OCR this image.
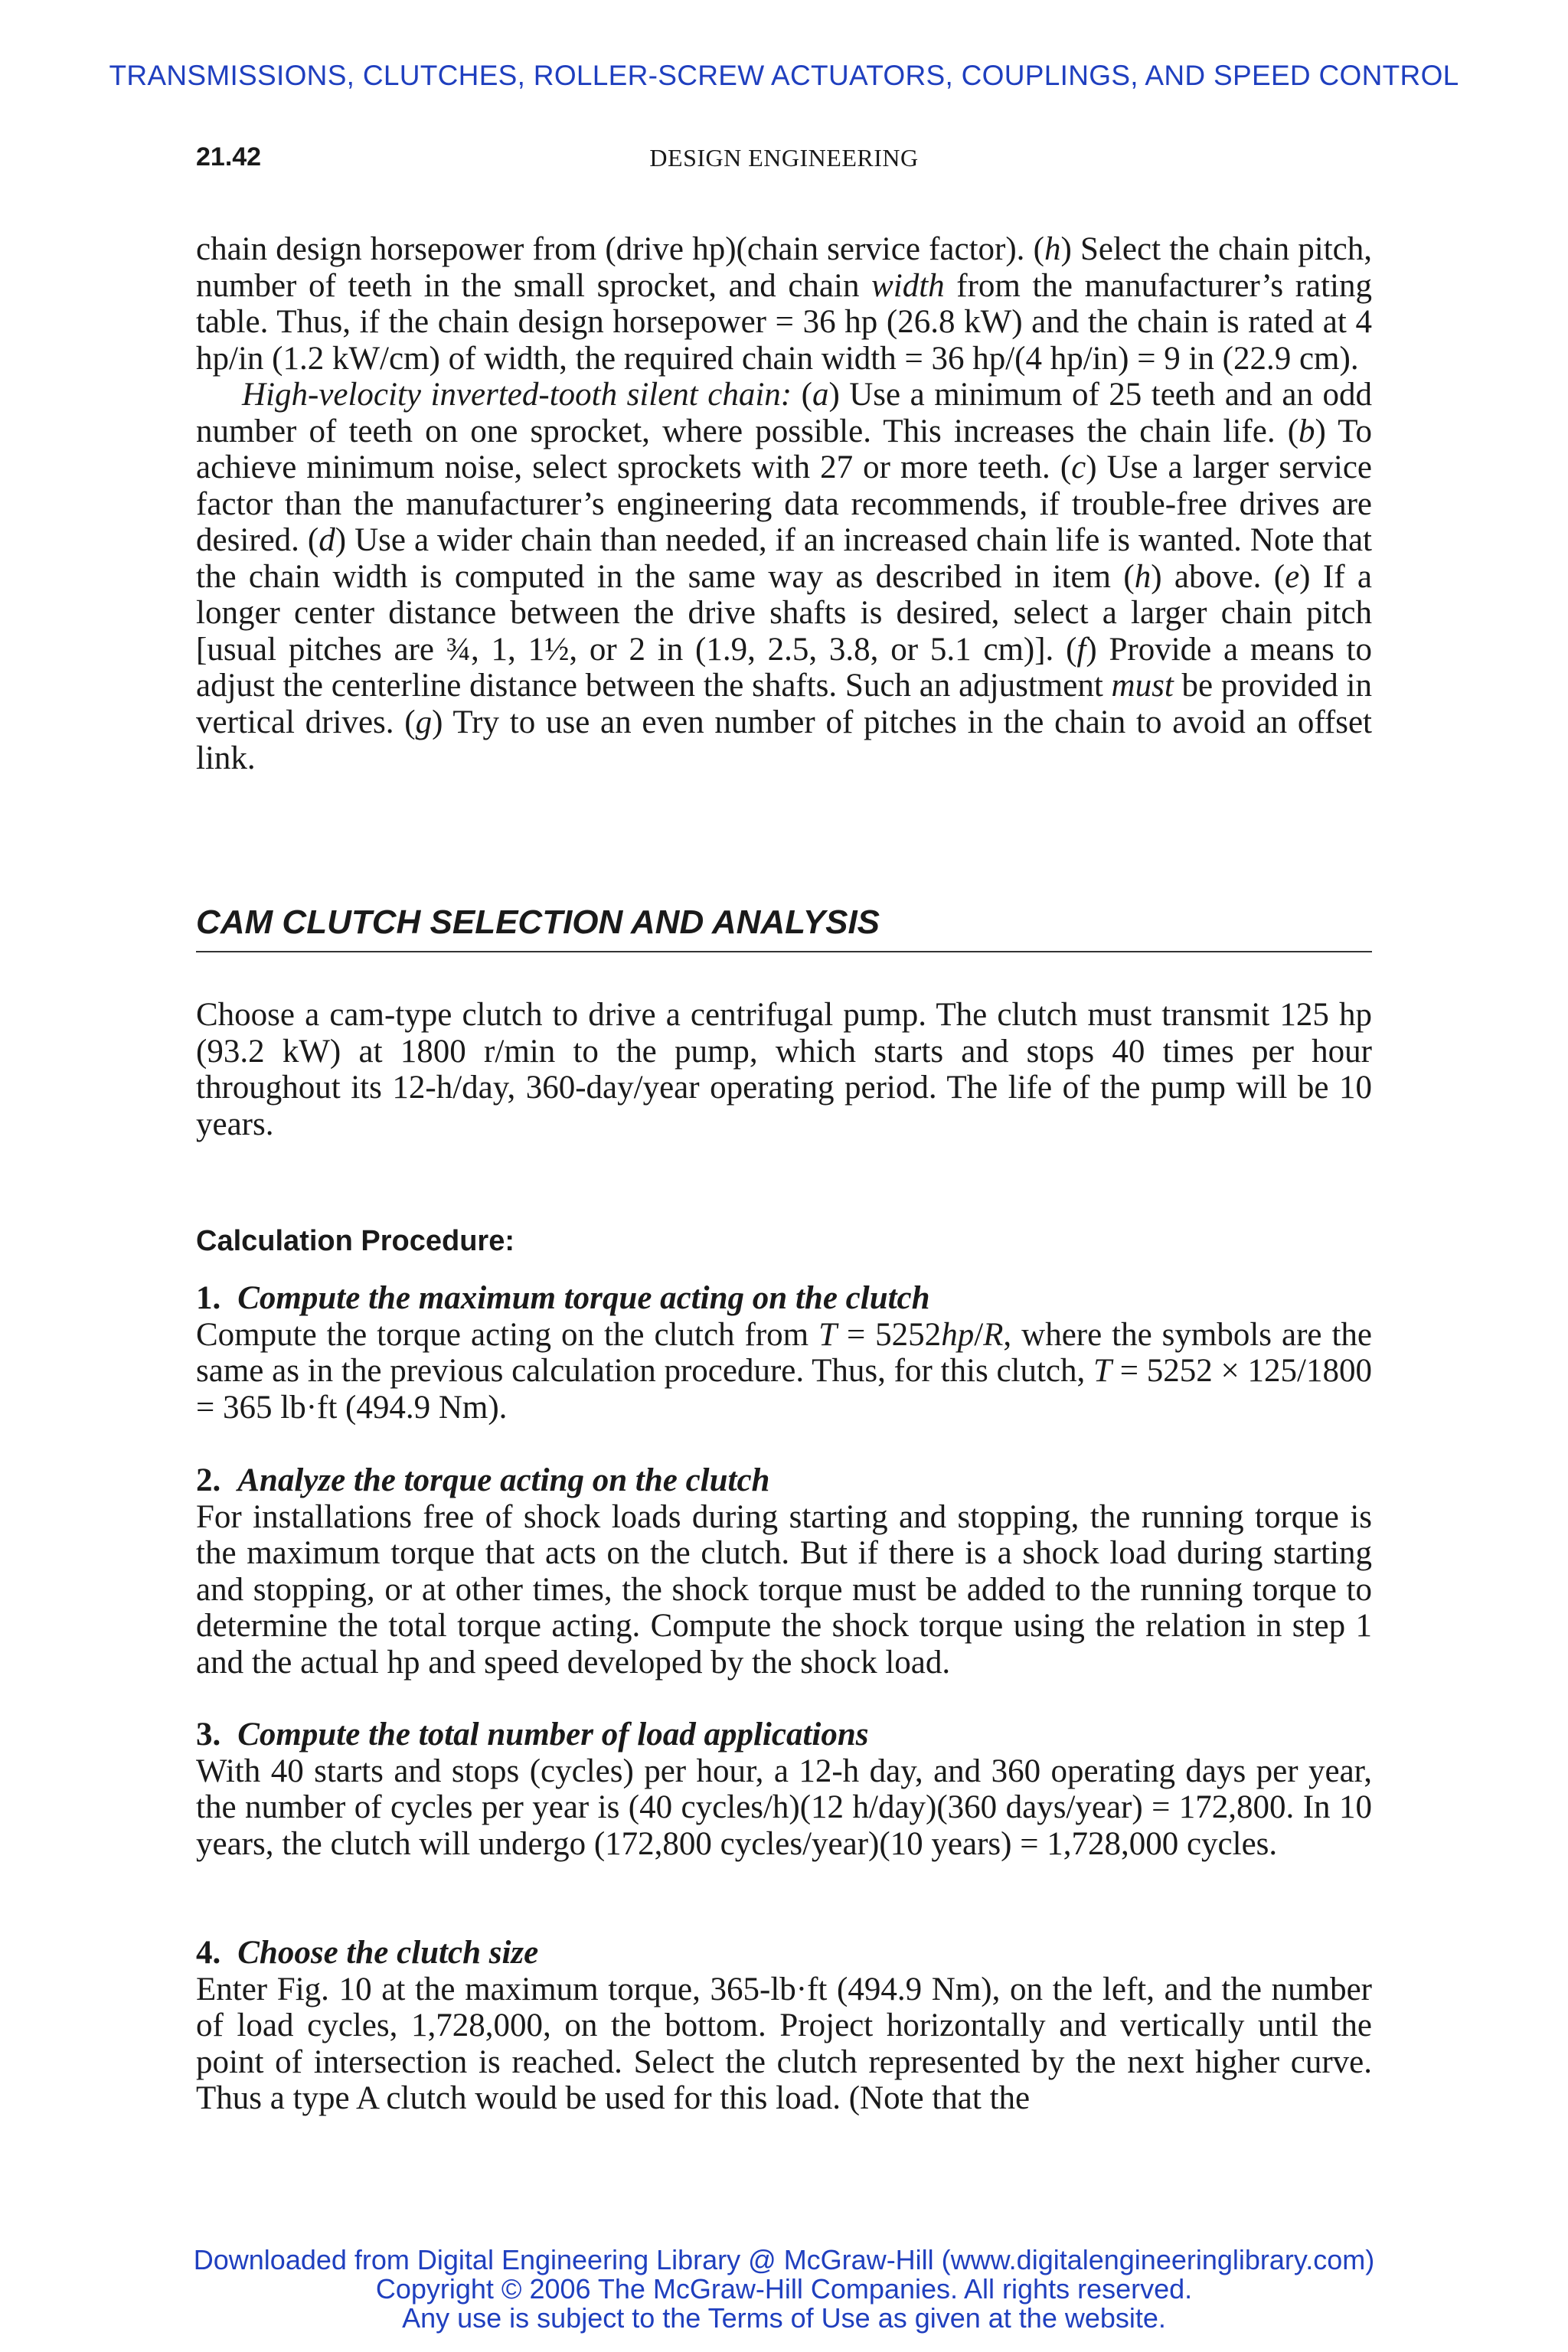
TRANSMISSIONS, CLUTCHES, ROLLER-SCREW ACTUATORS, COUPLINGS, AND SPEED CONTROL
21.42	DESIGN ENGINEERING

chain design horsepower from (drive hp)(chain service factor). (h) Select the chain pitch, number of teeth in the small sprocket, and chain width from the manufacturer’s rating table. Thus, if the chain design horsepower = 36 hp (26.8 kW) and the chain is rated at 4 hp/in (1.2 kW/cm) of width, the required chain width = 36 hp/(4 hp/in) = 9 in (22.9 cm).

High-velocity inverted-tooth silent chain: (a) Use a minimum of 25 teeth and an odd number of teeth on one sprocket, where possible. This increases the chain life. (b) To achieve minimum noise, select sprockets with 27 or more teeth. (c) Use a larger service factor than the manufacturer’s engineering data recommends, if trouble-free drives are desired. (d) Use a wider chain than needed, if an increased chain life is wanted. Note that the chain width is computed in the same way as described in item (h) above. (e) If a longer center distance between the drive shafts is desired, select a larger chain pitch [usual pitches are ¾, 1, 1½, or 2 in (1.9, 2.5, 3.8, or 5.1 cm)]. (f) Provide a means to adjust the centerline distance between the shafts. Such an adjustment must be provided in vertical drives. (g) Try to use an even number of pitches in the chain to avoid an offset link.

CAM CLUTCH SELECTION AND ANALYSIS

Choose a cam-type clutch to drive a centrifugal pump. The clutch must transmit 125 hp (93.2 kW) at 1800 r/min to the pump, which starts and stops 40 times per hour throughout its 12-h/day, 360-day/year operating period. The life of the pump will be 10 years.

Calculation Procedure:
1. Compute the maximum torque acting on the clutch
Compute the torque acting on the clutch from T = 5252hp/R, where the symbols are the same as in the previous calculation procedure. Thus, for this clutch, T = 5252 × 125/1800 = 365 lb·ft (494.9 Nm).
2. Analyze the torque acting on the clutch
For installations free of shock loads during starting and stopping, the running torque is the maximum torque that acts on the clutch. But if there is a shock load during starting and stopping, or at other times, the shock torque must be added to the running torque to determine the total torque acting. Compute the shock torque using the relation in step 1 and the actual hp and speed developed by the shock load.
3. Compute the total number of load applications
With 40 starts and stops (cycles) per hour, a 12-h day, and 360 operating days per year, the number of cycles per year is (40 cycles/h)(12 h/day)(360 days/year) = 172,800. In 10 years, the clutch will undergo (172,800 cycles/year)(10 years) = 1,728,000 cycles.
4. Choose the clutch size
Enter Fig. 10 at the maximum torque, 365-lb·ft (494.9 Nm), on the left, and the number of load cycles, 1,728,000, on the bottom. Project horizontally and vertically until the point of intersection is reached. Select the clutch represented by the next higher curve. Thus a type A clutch would be used for this load. (Note that the
Downloaded from Digital Engineering Library @ McGraw-Hill (www.digitalengineeringlibrary.com)
Copyright © 2006 The McGraw-Hill Companies. All rights reserved.
Any use is subject to the Terms of Use as given at the website.
